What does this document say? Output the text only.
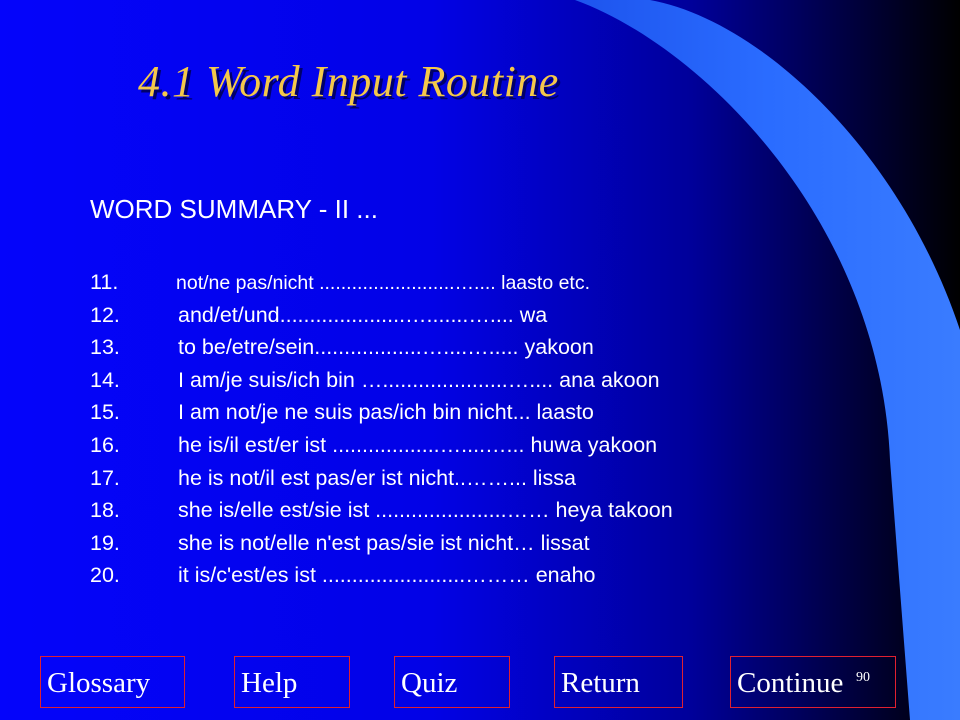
4.1 Word Input Routine
WORD SUMMARY - II ...
11.	not/ne pas/nicht .........................….... laasto etc.
12.	and/et/und.....................….......….... wa
13.	to be/etre/sein..................…....…..... yakoon
14.	I am/je suis/ich bin ….....................….... ana akoon
15.	I am not/je ne suis pas/ich bin nicht... laasto
16.	he is/il est/er ist ..................…....…... huwa yakoon
17.	he is not/il est pas/er ist nicht..……... lissa
18.	she is/elle est/sie ist ......................…… heya takoon
19.	she is not/elle n'est pas/sie ist nicht… lissat
20.	it is/c'est/es ist ........................……… enaho
Glossary	Help	Quiz	Return	Continue 90
